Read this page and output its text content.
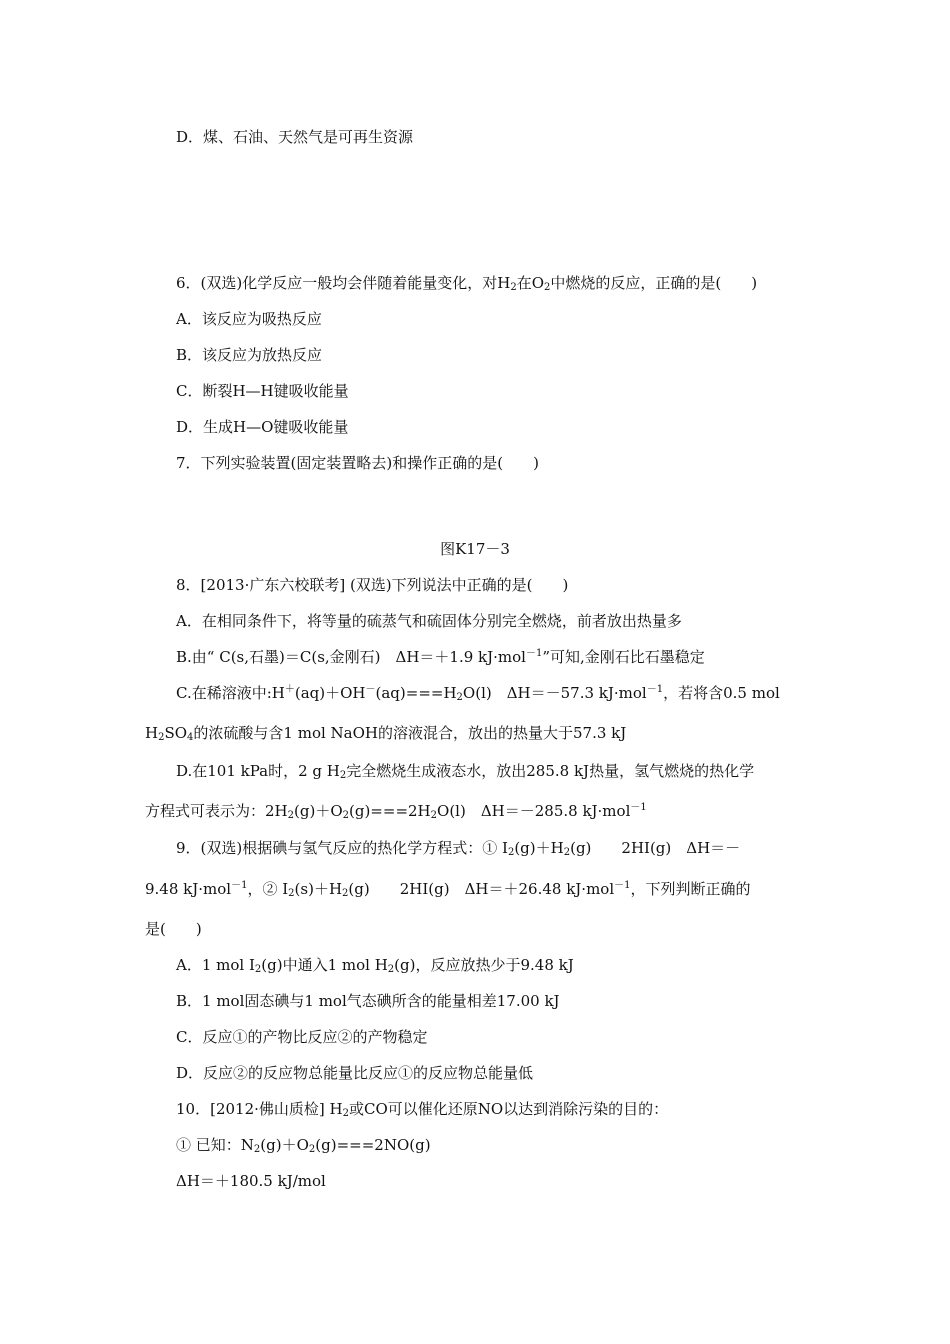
D．煤、石油、天然气是可再生资源
6．(双选)化学反应一般均会伴随着能量变化，对$H_2$在$O_2$中燃烧的反应，正确的是(　　)
A．该反应为吸热反应
B．该反应为放热反应
C．断裂H—H键吸收能量
D．生成H—O键吸收能量
7．下列实验装置(固定装置略去)和操作正确的是(　　)
图K17－3
8．[2013·广东六校联考] (双选)下列说法中正确的是(　　)
A．在相同条件下，将等量的硫蒸气和硫固体分别完全燃烧，前者放出热量多
B.由“ C(s,石墨)＝C(s,金刚石)　ΔH＝＋1.9 kJ·mol$^{-1}$”可知,金刚石比石墨稳定
C.在稀溶液中$:H^+(aq)+OH^-(aq)===H_2O(l)$　ΔH＝－57.3 kJ·mol$^{-1}$，若将含0.5 mol
$H_2SO_4$的浓硫酸与含1 mol NaOH的溶液混合，放出的热量大于57.3 kJ
D.在101 kPa时，2 g $H_2$完全燃烧生成液态水，放出285.8 kJ热量，氢气燃烧的热化学
方程式可表示为：$2H_2(g)+O_2(g)===2H_2O(l)$　ΔH＝－285.8 kJ·mol$^{-1}$
9．(双选)根据碘与氢气反应的热化学方程式：① $I_2(g)+H_2(g)$　　2HI(g)　ΔH＝－
9.48 kJ·mol$^{-1}$，② $I_2(s)+H_2(g)$　　2HI(g)　ΔH＝＋26.48 kJ·mol$^{-1}$，下列判断正确的
是(　　)
A．1 mol $I_2(g)$中通入1 mol $H_2(g)$，反应放热少于9.48 kJ
B．1 mol固态碘与1 mol气态碘所含的能量相差17.00 kJ
C．反应①的产物比反应②的产物稳定
D．反应②的反应物总能量比反应①的反应物总能量低
10．[2012·佛山质检] $H_2$或CO可以催化还原NO以达到消除污染的目的：
① 已知：$N_2(g)+O_2(g)===2NO(g)$
ΔH＝＋180.5 kJ/mol
